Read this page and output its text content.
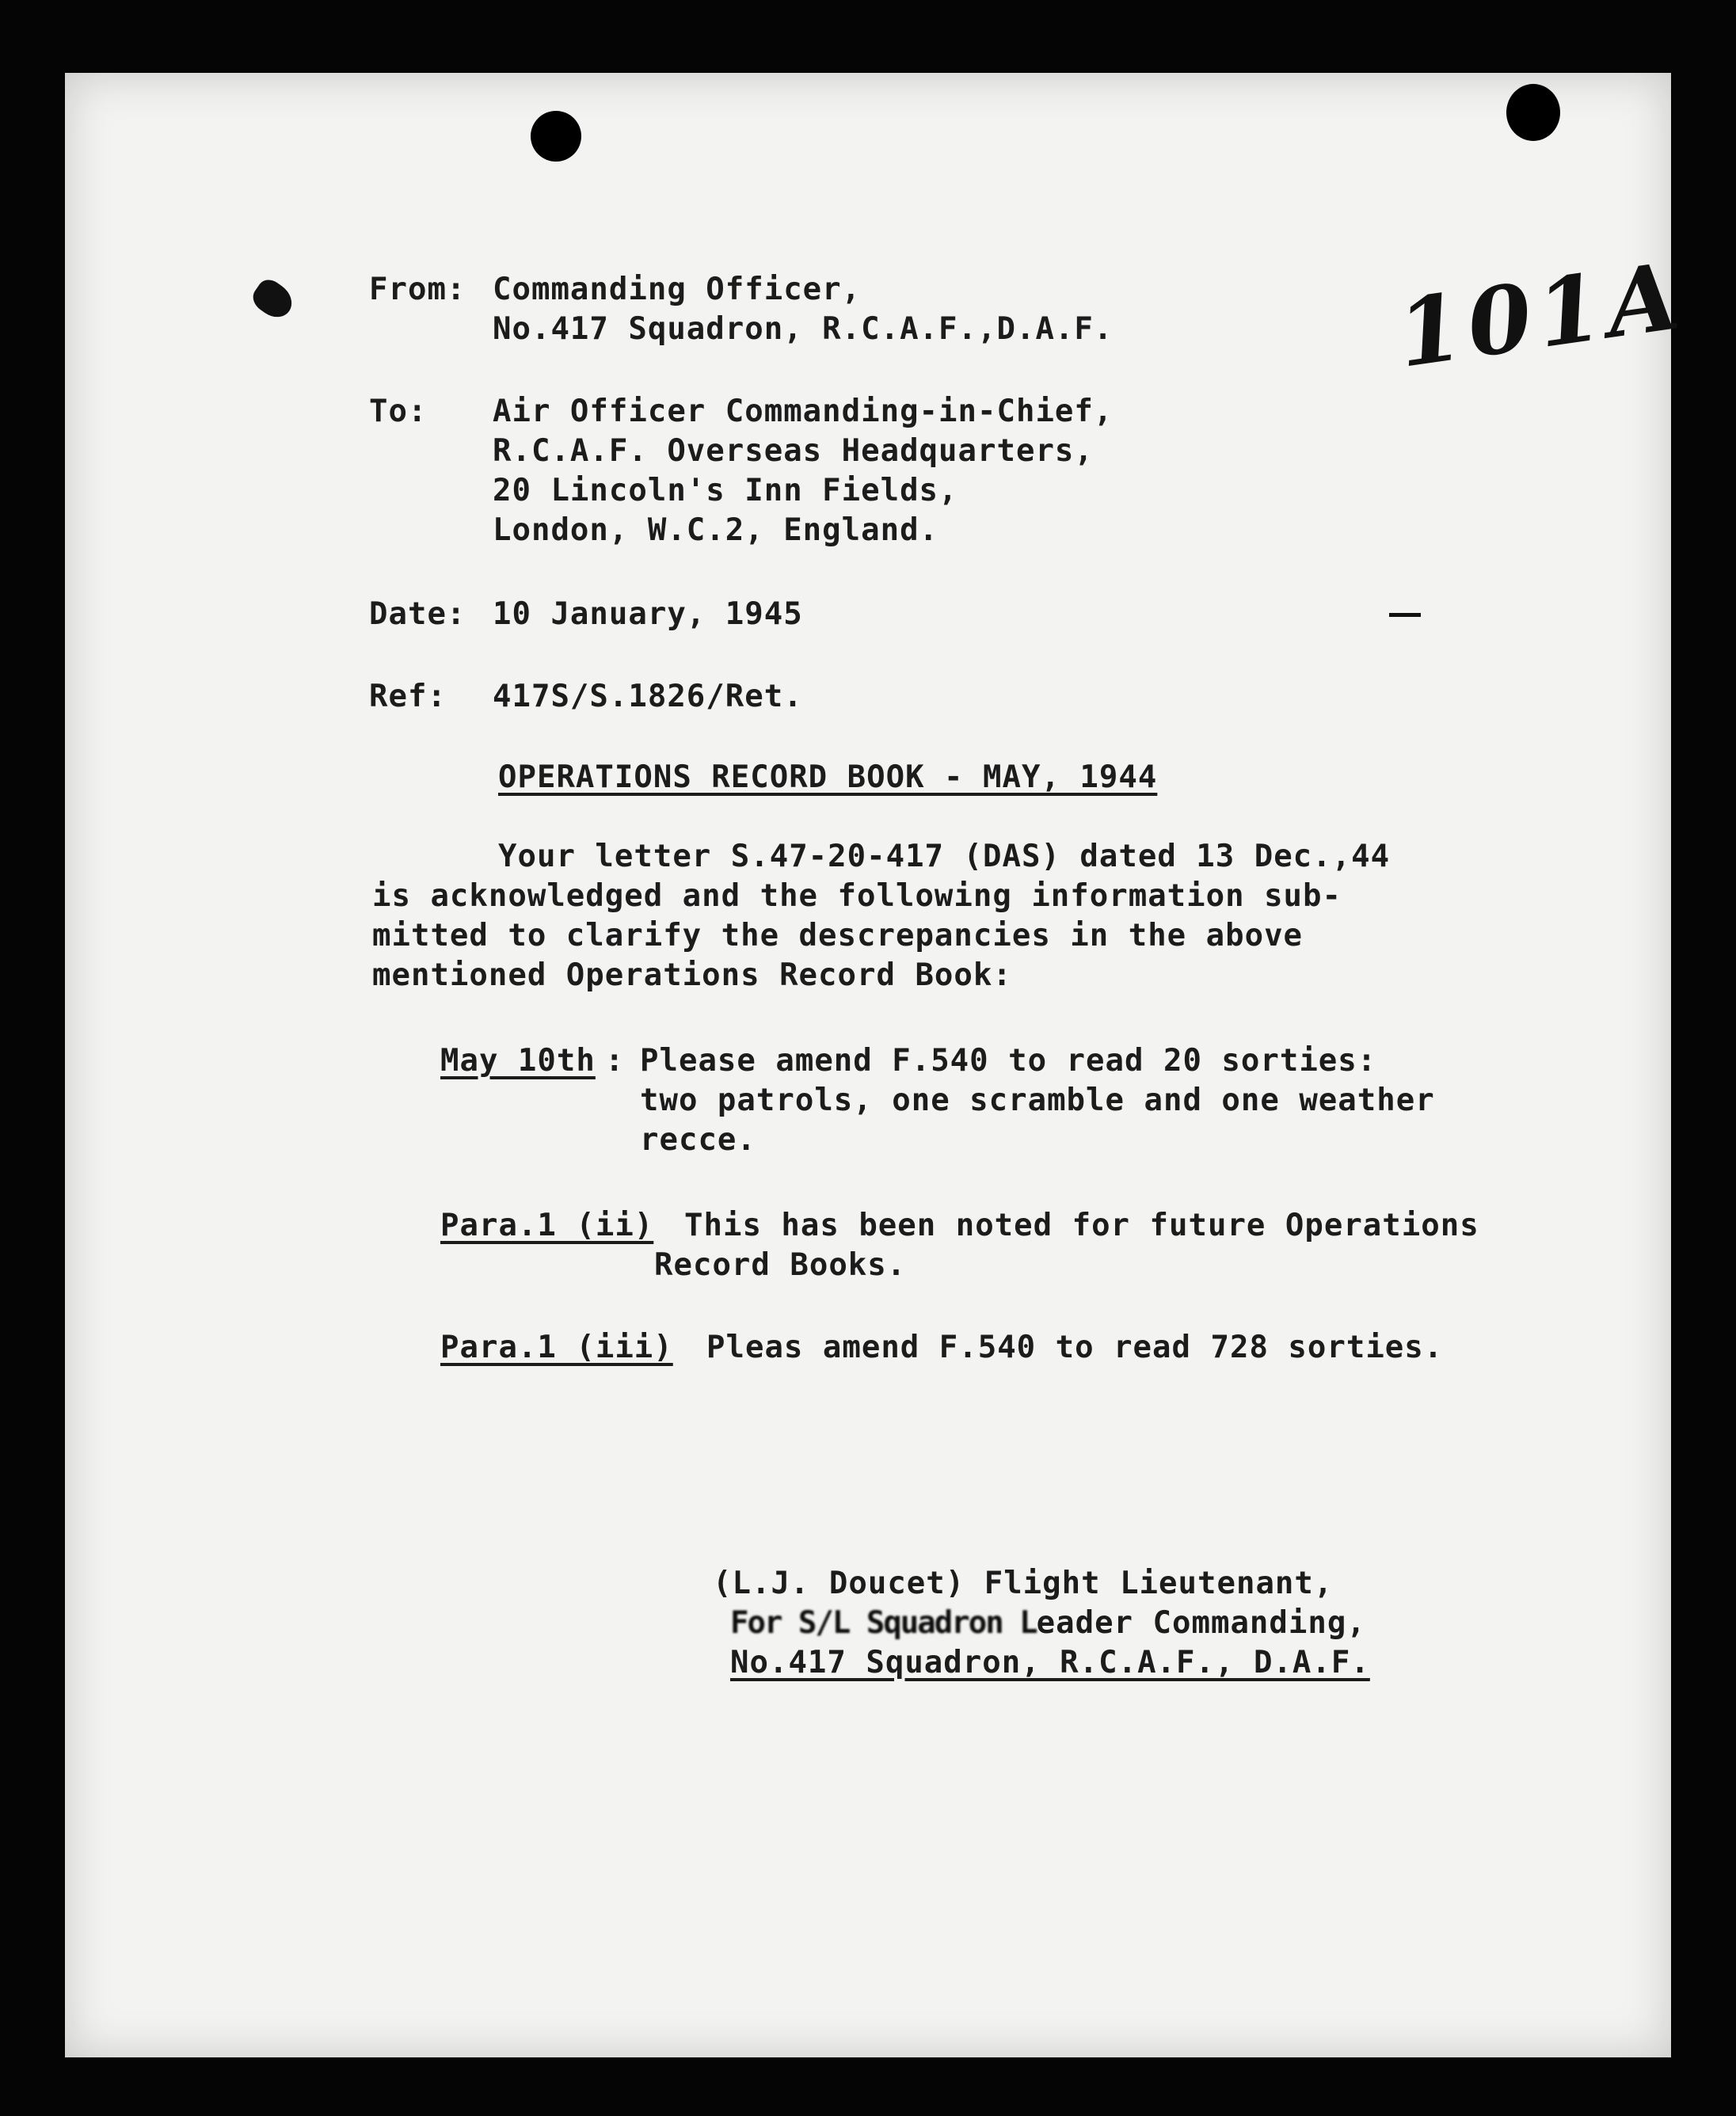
101A
From: Commanding Officer,
No.417 Squadron, R.C.A.F.,D.A.F.
To: Air Officer Commanding-in-Chief,
R.C.A.F. Overseas Headquarters,
20 Lincoln's Inn Fields,
London, W.C.2, England.
Date: 10 January, 1945
Ref: 417S/S.1826/Ret.
OPERATIONS RECORD BOOK - MAY, 1944
Your letter S.47-20-417 (DAS) dated 13 Dec.,44
is acknowledged and the following information sub-
mitted to clarify the descrepancies in the above
mentioned Operations Record Book:
May 10th : Please amend F.540 to read 20 sorties:
two patrols, one scramble and one weather
recce.
Para.1 (ii) This has been noted for future Operations
Record Books.
Para.1 (iii) Pleas amend F.540 to read 728 sorties.
(L.J. Doucet) Flight Lieutenant,
For S/L Squadron Leader Commanding,
No.417 Squadron, R.C.A.F., D.A.F.
